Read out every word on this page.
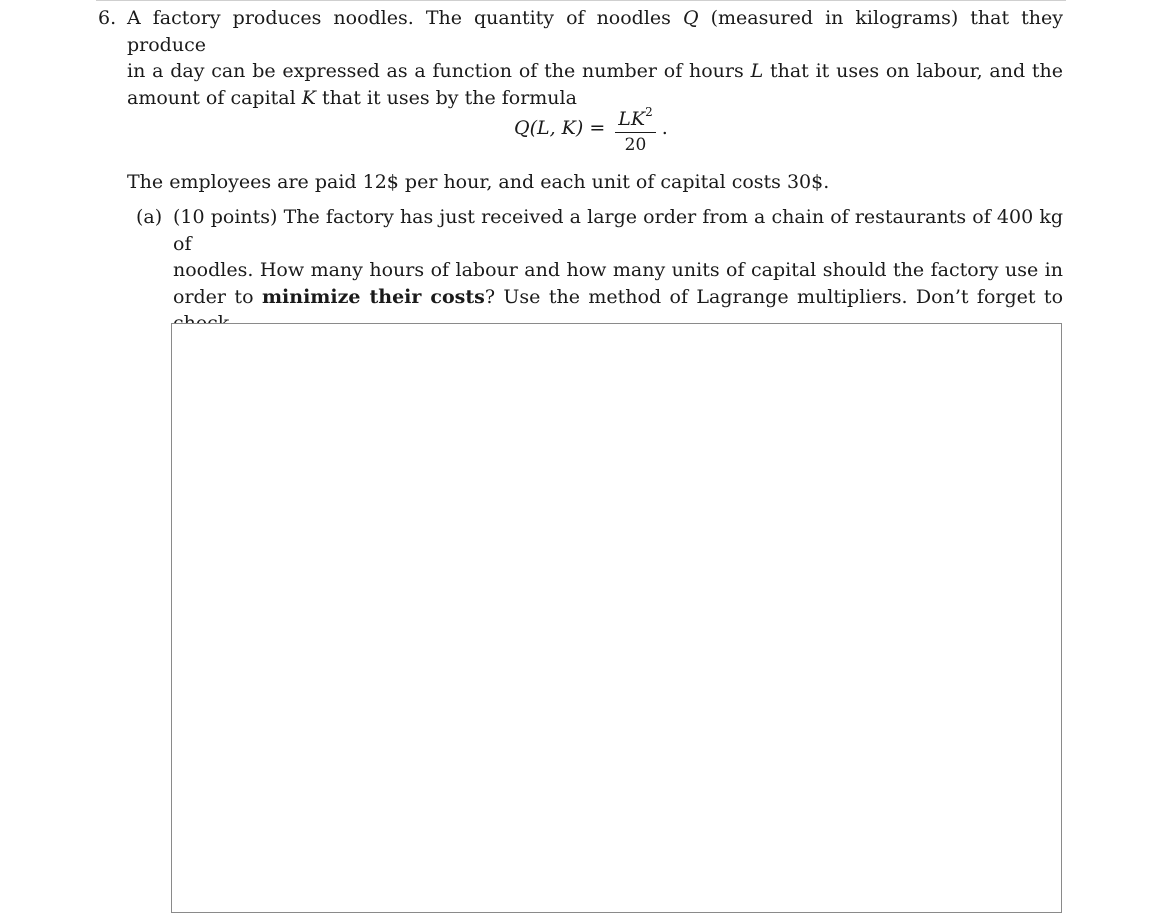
6. A factory produces noodles. The quantity of noodles Q (measured in kilograms) that they produce
in a day can be expressed as a function of the number of hours L that it uses on labour, and the
amount of capital K that it uses by the formula
Q(L, $K) = \frac{LK^2}{20}$ .
The employees are paid 12$ per hour, and each unit of capital costs 30$.
(a) (10 points) The factory has just received a large order from a chain of restaurants of 400 kg of
noodles. How many hours of labour and how many units of capital should the factory use in
order to minimize their costs? Use the method of Lagrange multipliers. Don’t forget to
